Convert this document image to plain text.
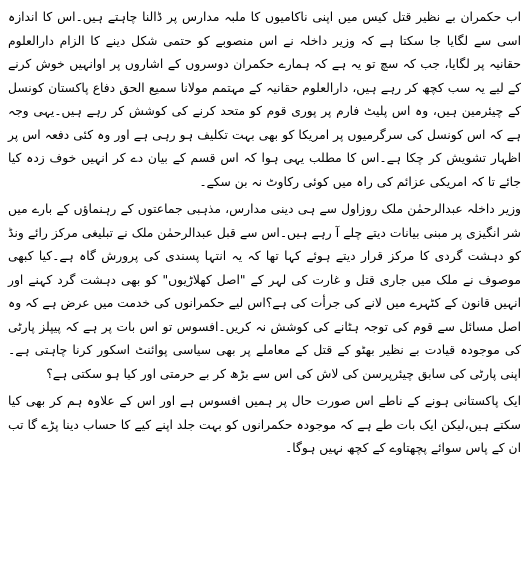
اب حکمران بے نظیر قتل کیس میں اپنی ناکامیوں کا ملبہ مدارس پر ڈالنا چاہتے ہیں۔اس کا اندازہ اسی سے لگایا جا سکتا ہے کہ وزیر داخلہ نے اس منصوبے کو حتمی شکل دینے کا الزام دارالعلوم حقانیہ پر لگایا، جب کہ سچ تو یہ ہے کہ ہمارے حکمران دوسروں کے اشاروں پر اوانہیں خوش کرنے کے لیے یہ سب کچھ کر رہے ہیں، دارالعلوم حقانیہ کے مہتمم مولانا سمیع الحق دفاع پاکستان کونسل کے چیئرمین ہیں، وہ اس پلیٹ فارم پر پوری قوم کو متحد کرنے کی کوشش کر رہے ہیں۔یہی وجہ ہے کہ اس کونسل کی سرگرمیوں پر امریکا کو بھی بہت تکلیف ہو رہی ہے اور وہ کئی دفعہ اس پر اظہار تشویش کر چکا ہے۔اس کا مطلب یہی ہوا کہ اس قسم کے بیان دے کر انہیں خوف زدہ کیا جائے تا کہ امریکی عزائم کی راہ میں کوئی رکاوٹ نہ بن سکے۔

وزیر داخلہ عبدالرحمٰن ملک روزاول سے ہی دینی مدارس، مذہبی جماعتوں کے رہنماؤں کے بارے میں شر انگیزی پر مبنی بیانات دیتے چلے آ رہے ہیں۔اس سے قبل عبدالرحمٰن ملک نے تبلیغی مرکز رائے ونڈ کو دہشت گردی کا مرکز قرار دیتے ہوئے کہا تھا کہ یہ انتہا پسندی کی پرورش گاہ ہے۔کیا کبھی موصوف نے ملک میں جاری قتل و غارت کی لہر کے "اصل کھلاڑیوں" کو بھی دہشت گرد کہنے اور انہیں قانون کے کٹہرے میں لانے کی جرأت کی ہے؟اس لیے حکمرانوں کی خدمت میں عرض ہے کہ وہ اصل مسائل سے قوم کی توجہ ہٹانے کی کوشش نہ کریں۔افسوس تو اس بات پر ہے کہ پیپلز پارٹی کی موجودہ قیادت بے نظیر بھٹو کے قتل کے معاملے پر بھی سیاسی پوائنٹ اسکور کرنا چاہتی ہے۔اپنی پارٹی کی سابق چیئرپرسن کی لاش کی اس سے بڑھ کر بے حرمتی اور کیا ہو سکتی ہے؟

ایک پاکستانی ہونے کے ناطے اس صورت حال پر ہمیں افسوس ہے اور اس کے علاوہ ہم کر بھی کیا سکتے ہیں،لیکن ایک بات طے ہے کہ موجودہ حکمرانوں کو بہت جلد اپنے کیے کا حساب دینا پڑے گا تب ان کے پاس سوائے پچھتاوے کے کچھ نہیں ہوگا۔
